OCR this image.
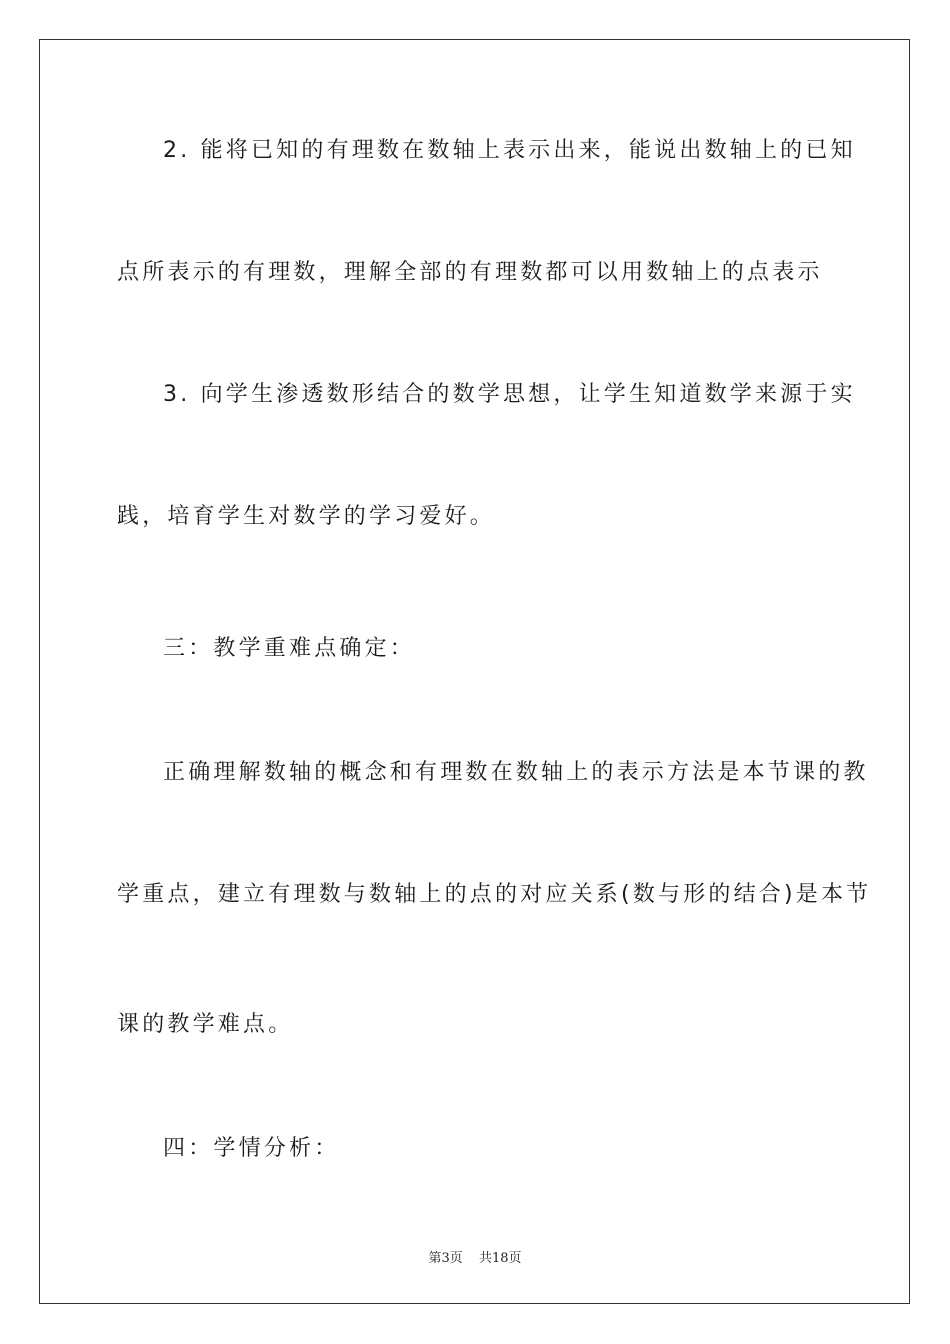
2. 能将已知的有理数在数轴上表示出来，能说出数轴上的已知
点所表示的有理数，理解全部的有理数都可以用数轴上的点表示
3. 向学生渗透数形结合的数学思想，让学生知道数学来源于实
践，培育学生对数学的学习爱好。
三：教学重难点确定：
正确理解数轴的概念和有理数在数轴上的表示方法是本节课的教
学重点，建立有理数与数轴上的点的对应关系(数与形的结合)是本节
课的教学难点。
四：学情分析：
第3页 共18页
